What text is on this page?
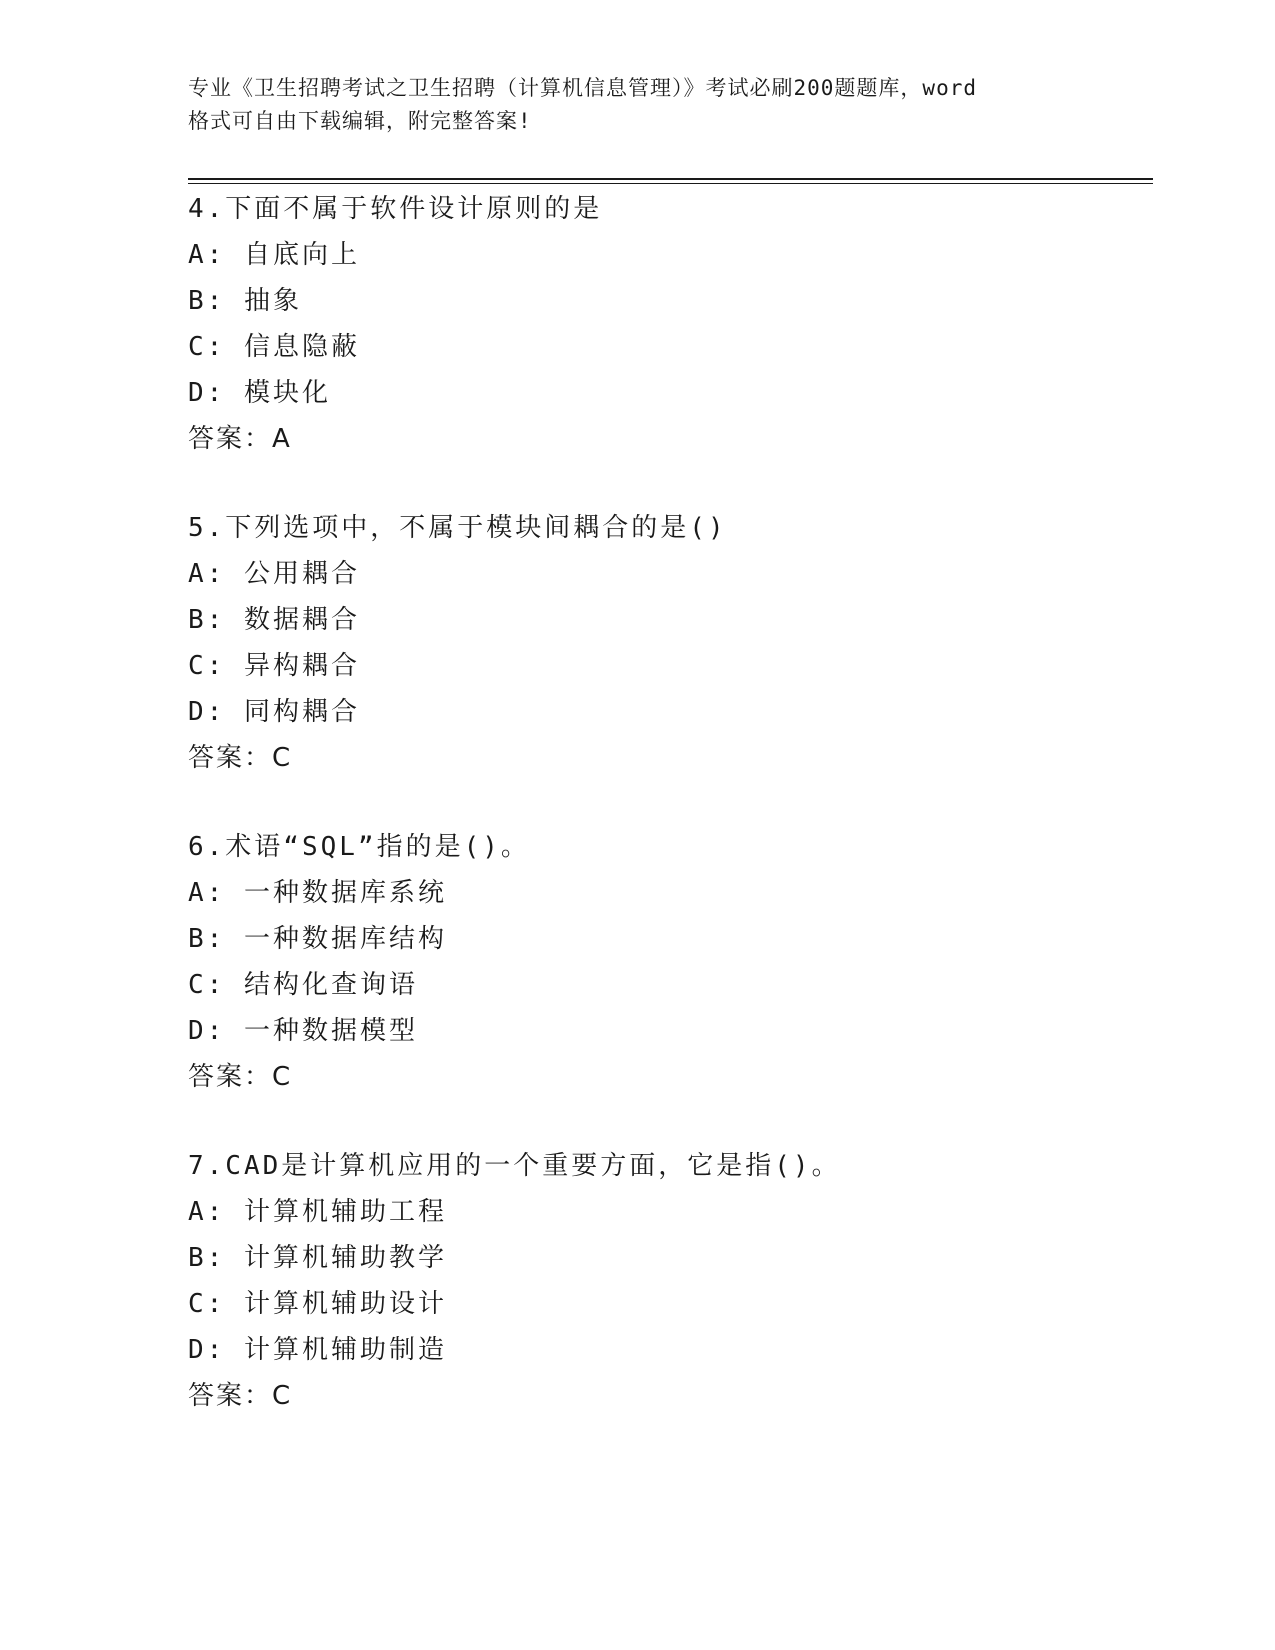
专业《卫生招聘考试之卫生招聘（计算机信息管理）》考试必刷200题题库，word
格式可自由下载编辑，附完整答案!
4.下面不属于软件设计原则的是
A: 自底向上
B: 抽象
C: 信息隐蔽
D: 模块化
答案：A
5.下列选项中，不属于模块间耦合的是()
A: 公用耦合
B: 数据耦合
C: 异构耦合
D: 同构耦合
答案：C
6.术语“SQL”指的是()。
A: 一种数据库系统
B: 一种数据库结构
C: 结构化查询语
D: 一种数据模型
答案：C
7.CAD是计算机应用的一个重要方面，它是指()。
A: 计算机辅助工程
B: 计算机辅助教学
C: 计算机辅助设计
D: 计算机辅助制造
答案：C
